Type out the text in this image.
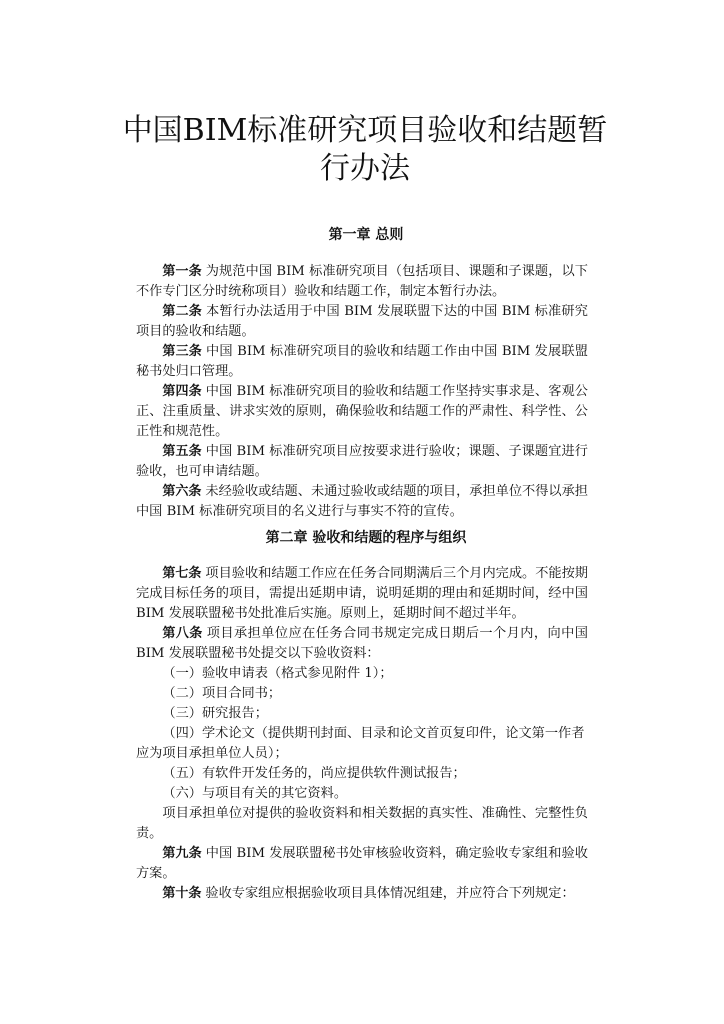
中国BIM标准研究项目验收和结题暂行办法
第一章 总则

第一条 为规范中国 BIM 标准研究项目（包括项目、课题和子课题，以下不作专门区分时统称项目）验收和结题工作，制定本暂行办法。

第二条 本暂行办法适用于中国 BIM 发展联盟下达的中国 BIM 标准研究项目的验收和结题。

第三条 中国 BIM 标准研究项目的验收和结题工作由中国 BIM 发展联盟秘书处归口管理。

第四条 中国 BIM 标准研究项目的验收和结题工作坚持实事求是、客观公正、注重质量、讲求实效的原则，确保验收和结题工作的严肃性、科学性、公正性和规范性。

第五条 中国 BIM 标准研究项目应按要求进行验收；课题、子课题宜进行验收，也可申请结题。

第六条 未经验收或结题、未通过验收或结题的项目，承担单位不得以承担中国 BIM 标准研究项目的名义进行与事实不符的宣传。

第二章 验收和结题的程序与组织

第七条 项目验收和结题工作应在任务合同期满后三个月内完成。不能按期完成目标任务的项目，需提出延期申请，说明延期的理由和延期时间，经中国 BIM 发展联盟秘书处批准后实施。原则上，延期时间不超过半年。

第八条 项目承担单位应在任务合同书规定完成日期后一个月内，向中国 BIM 发展联盟秘书处提交以下验收资料：

（一）验收申请表（格式参见附件 1）；

（二）项目合同书；

（三）研究报告；

（四）学术论文（提供期刊封面、目录和论文首页复印件，论文第一作者应为项目承担单位人员）；

（五）有软件开发任务的，尚应提供软件测试报告；

（六）与项目有关的其它资料。

项目承担单位对提供的验收资料和相关数据的真实性、准确性、完整性负责。

第九条 中国 BIM 发展联盟秘书处审核验收资料，确定验收专家组和验收方案。

第十条 验收专家组应根据验收项目具体情况组建，并应符合下列规定：
